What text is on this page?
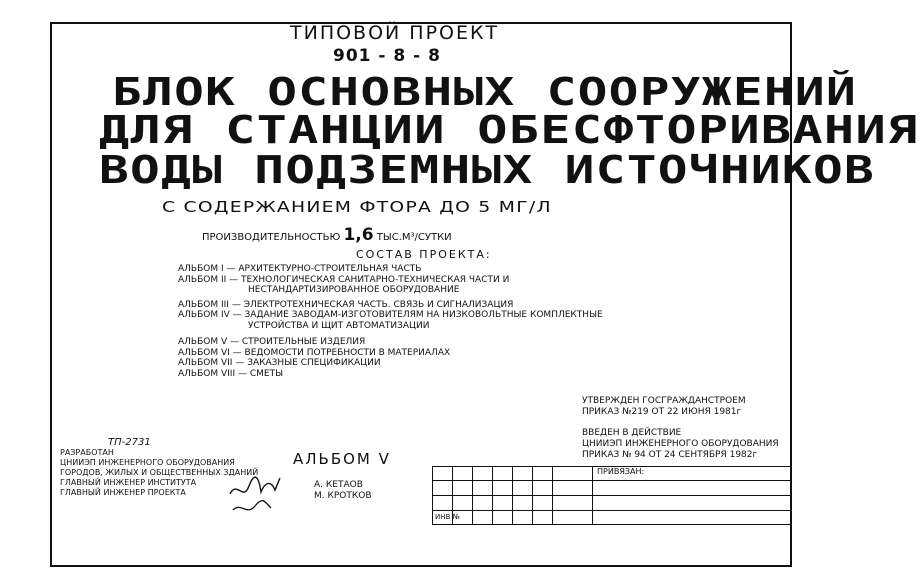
ТИПОВОЙ ПРОЕКТ
901 - 8 - 8
БЛОК ОСНОВНЫХ СООРУЖЕНИЙ
ДЛЯ СТАНЦИИ ОБЕСФТОРИВАНИЯ
ВОДЫ ПОДЗЕМНЫХ ИСТОЧНИКОВ
С СОДЕРЖАНИЕМ ФТОРА ДО 5 МГ/Л
ПРОИЗВОДИТЕЛЬНОСТЬЮ 1,6 ТЫС.М³/СУТКИ
СОСТАВ ПРОЕКТА:
АЛЬБОМ I — АРХИТЕКТУРНО-СТРОИТЕЛЬНАЯ ЧАСТЬ
АЛЬБОМ II — ТЕХНОЛОГИЧЕСКАЯ САНИТАРНО-ТЕХНИЧЕСКАЯ ЧАСТИ И
НЕСТАНДАРТИЗИРОВАННОЕ ОБОРУДОВАНИЕ
АЛЬБОМ III — ЭЛЕКТРОТЕХНИЧЕСКАЯ ЧАСТЬ. СВЯЗЬ И СИГНАЛИЗАЦИЯ
АЛЬБОМ IV — ЗАДАНИЕ ЗАВОДАМ-ИЗГОТОВИТЕЛЯМ НА НИЗКОВОЛЬТНЫЕ КОМПЛЕКТНЫЕ
УСТРОЙСТВА И ЩИТ АВТОМАТИЗАЦИИ
АЛЬБОМ V — СТРОИТЕЛЬНЫЕ ИЗДЕЛИЯ
АЛЬБОМ VI — ВЕДОМОСТИ ПОТРЕБНОСТИ В МАТЕРИАЛАХ
АЛЬБОМ VII — ЗАКАЗНЫЕ СПЕЦИФИКАЦИИ
АЛЬБОМ VIII — СМЕТЫ
УТВЕРЖДЕН ГОСГРАЖДАНСТРОЕМ
ПРИКАЗ №219 ОТ 22 ИЮНЯ 1981г
ВВЕДЕН В ДЕЙСТВИЕ
ЦНИИЭП ИНЖЕНЕРНОГО ОБОРУДОВАНИЯ
ПРИКАЗ № 94 ОТ 24 СЕНТЯБРЯ 1982г
ТП-2731
РАЗРАБОТАН
ЦНИИЭП ИНЖЕНЕРНОГО ОБОРУДОВАНИЯ
ГОРОДОВ, ЖИЛЫХ И ОБЩЕСТВЕННЫХ ЗДАНИЙ
ГЛАВНЫЙ ИНЖЕНЕР ИНСТИТУТА
ГЛАВНЫЙ ИНЖЕНЕР ПРОЕКТА
АЛЬБОМ V
А. КЕТАОВ
М. КРОТКОВ
ПРИВЯЗАН:
ИНВ №
